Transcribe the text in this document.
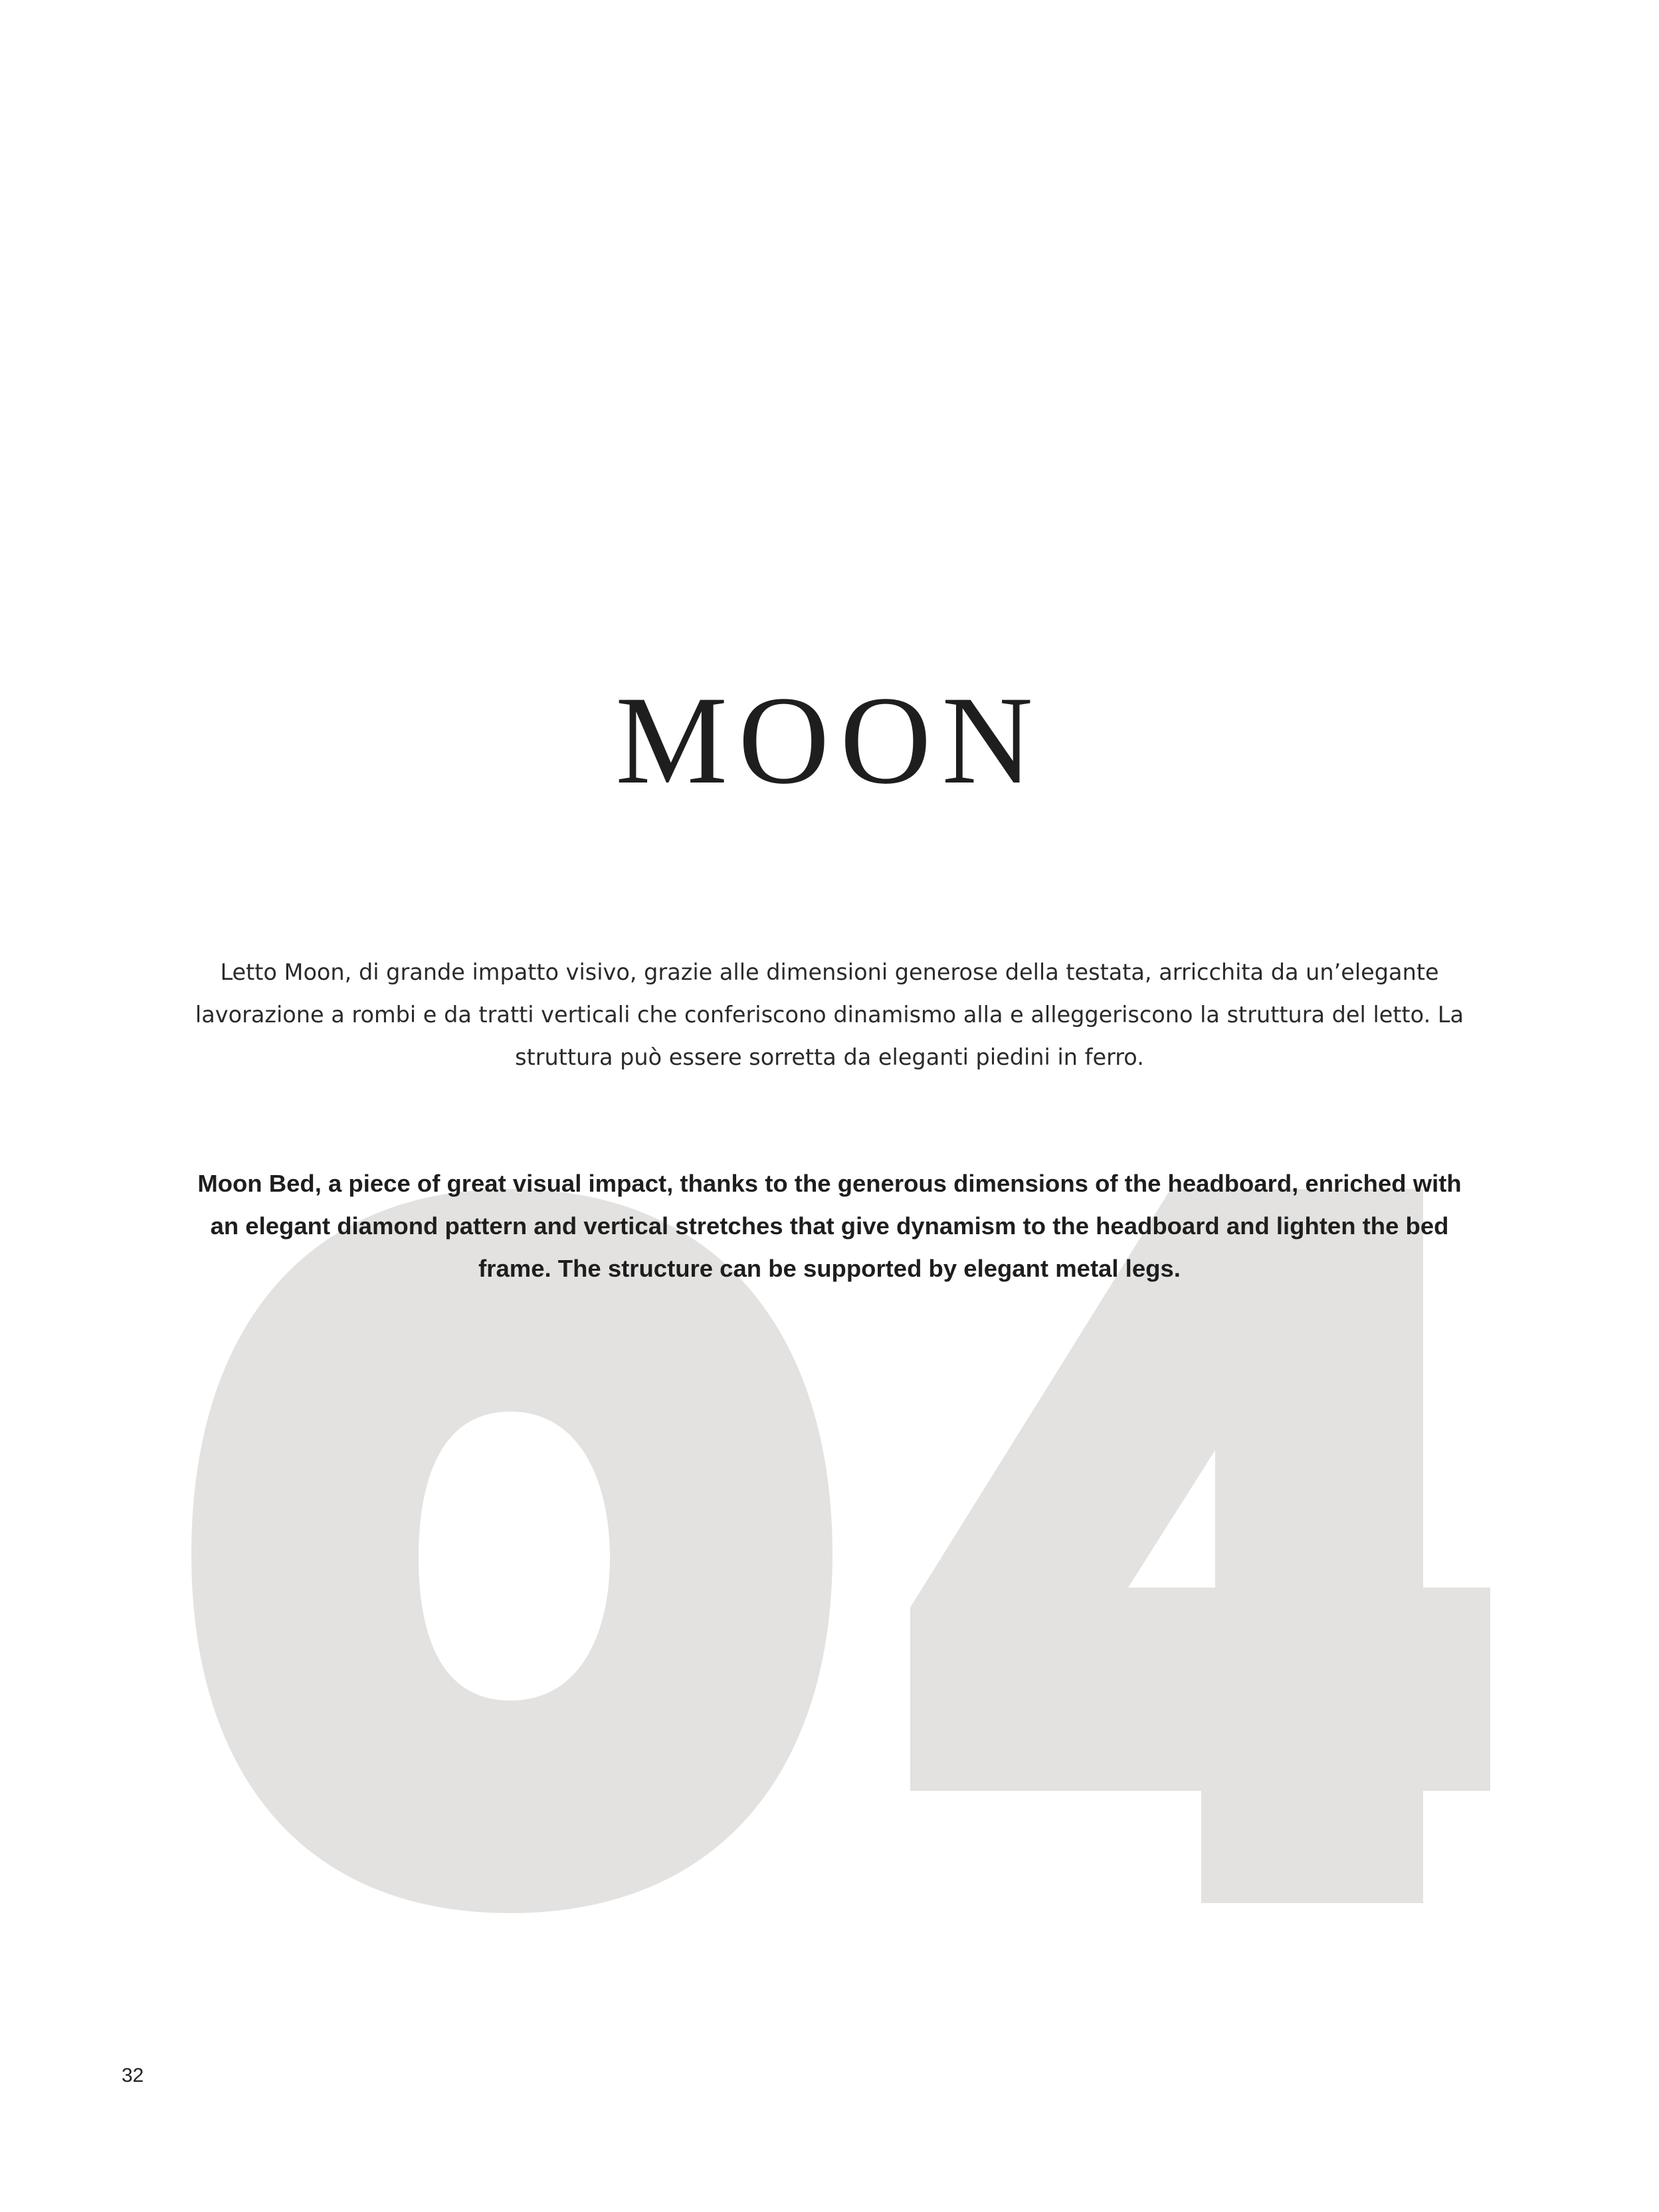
MOON

Letto Moon, di grande impatto visivo, grazie alle dimensioni generose della testata, arricchita da un’elegante lavorazione a rombi e da tratti verticali che conferiscono dinamismo alla e alleggeriscono la struttura del letto. La struttura può essere sorretta da eleganti piedini in ferro.

Moon Bed, a piece of great visual impact, thanks to the generous dimensions of the headboard, enriched with an elegant diamond pattern and vertical stretches that give dynamism to the headboard and lighten the bed frame. The structure can be supported by elegant metal legs.

32
